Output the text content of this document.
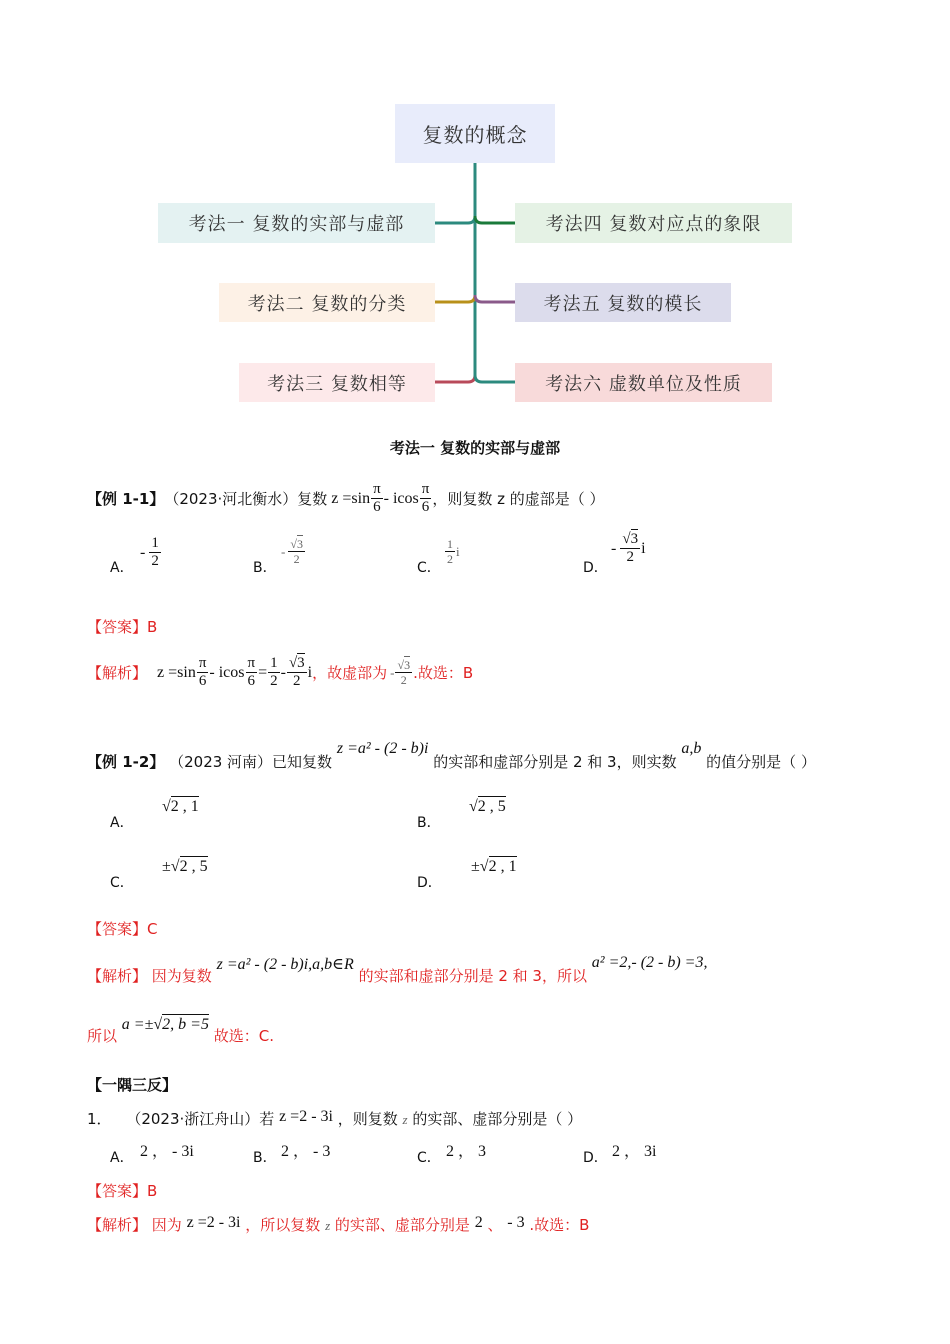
复数的概念
考法一 复数的实部与虚部
考法二 复数的分类
考法三 复数相等
考法四 复数对应点的象限
考法五 复数的模长
考法六 虚数单位及性质
考法一 复数的实部与虚部
【例 1-1】 （2023·河北衡水）复数 $z =\sin \frac{\pi}{6} - icos \frac{\pi}{6}$ ，则复数 z 的虚部是（ ）
A．
- $\frac{1}{2}$	B．
- $\frac{√3}{2}$
C．
$\frac{1}{2}$ i
D．
- $\frac{√3}{2}$ i
【答案】B
【解析】 $z =\sin \frac{\pi}{6} - icos \frac{\pi}{6} = \frac{1}{2} - \frac{√3}{2}$ i ，故虚部为 - $\frac{√3}{2}$ .故选：B
【例 1-2】 （2023 河南）已知复数 z =a² - (2 - b)i 的实部和虚部分别是 2 和 3，则实数 a,b 的值分别是（ ）
A．
√2 , 1
B．
√2 , 5
C．
±√2 , 5
D．
±√2 , 1
【答案】C
【解析】 因为复数 z =a² - (2 - b)i,a,b∈R 的实部和虚部分别是 2 和 3，所以 a² =2,- (2 - b) =3,
所以 a =±√2, b =5 故选：C.
【一隅三反】
1． （2023·浙江舟山）若 z =2 - 3i ，则复数 z 的实部、虚部分别是（ ）
A． 2 ， - 3i	B． 2 ， - 3	C． 2 ， 3	D． 2 ， 3i
【答案】B
【解析】 因为 z =2 - 3i ，所以复数 z 的实部、虚部分别是 2 、 - 3 .故选：B
